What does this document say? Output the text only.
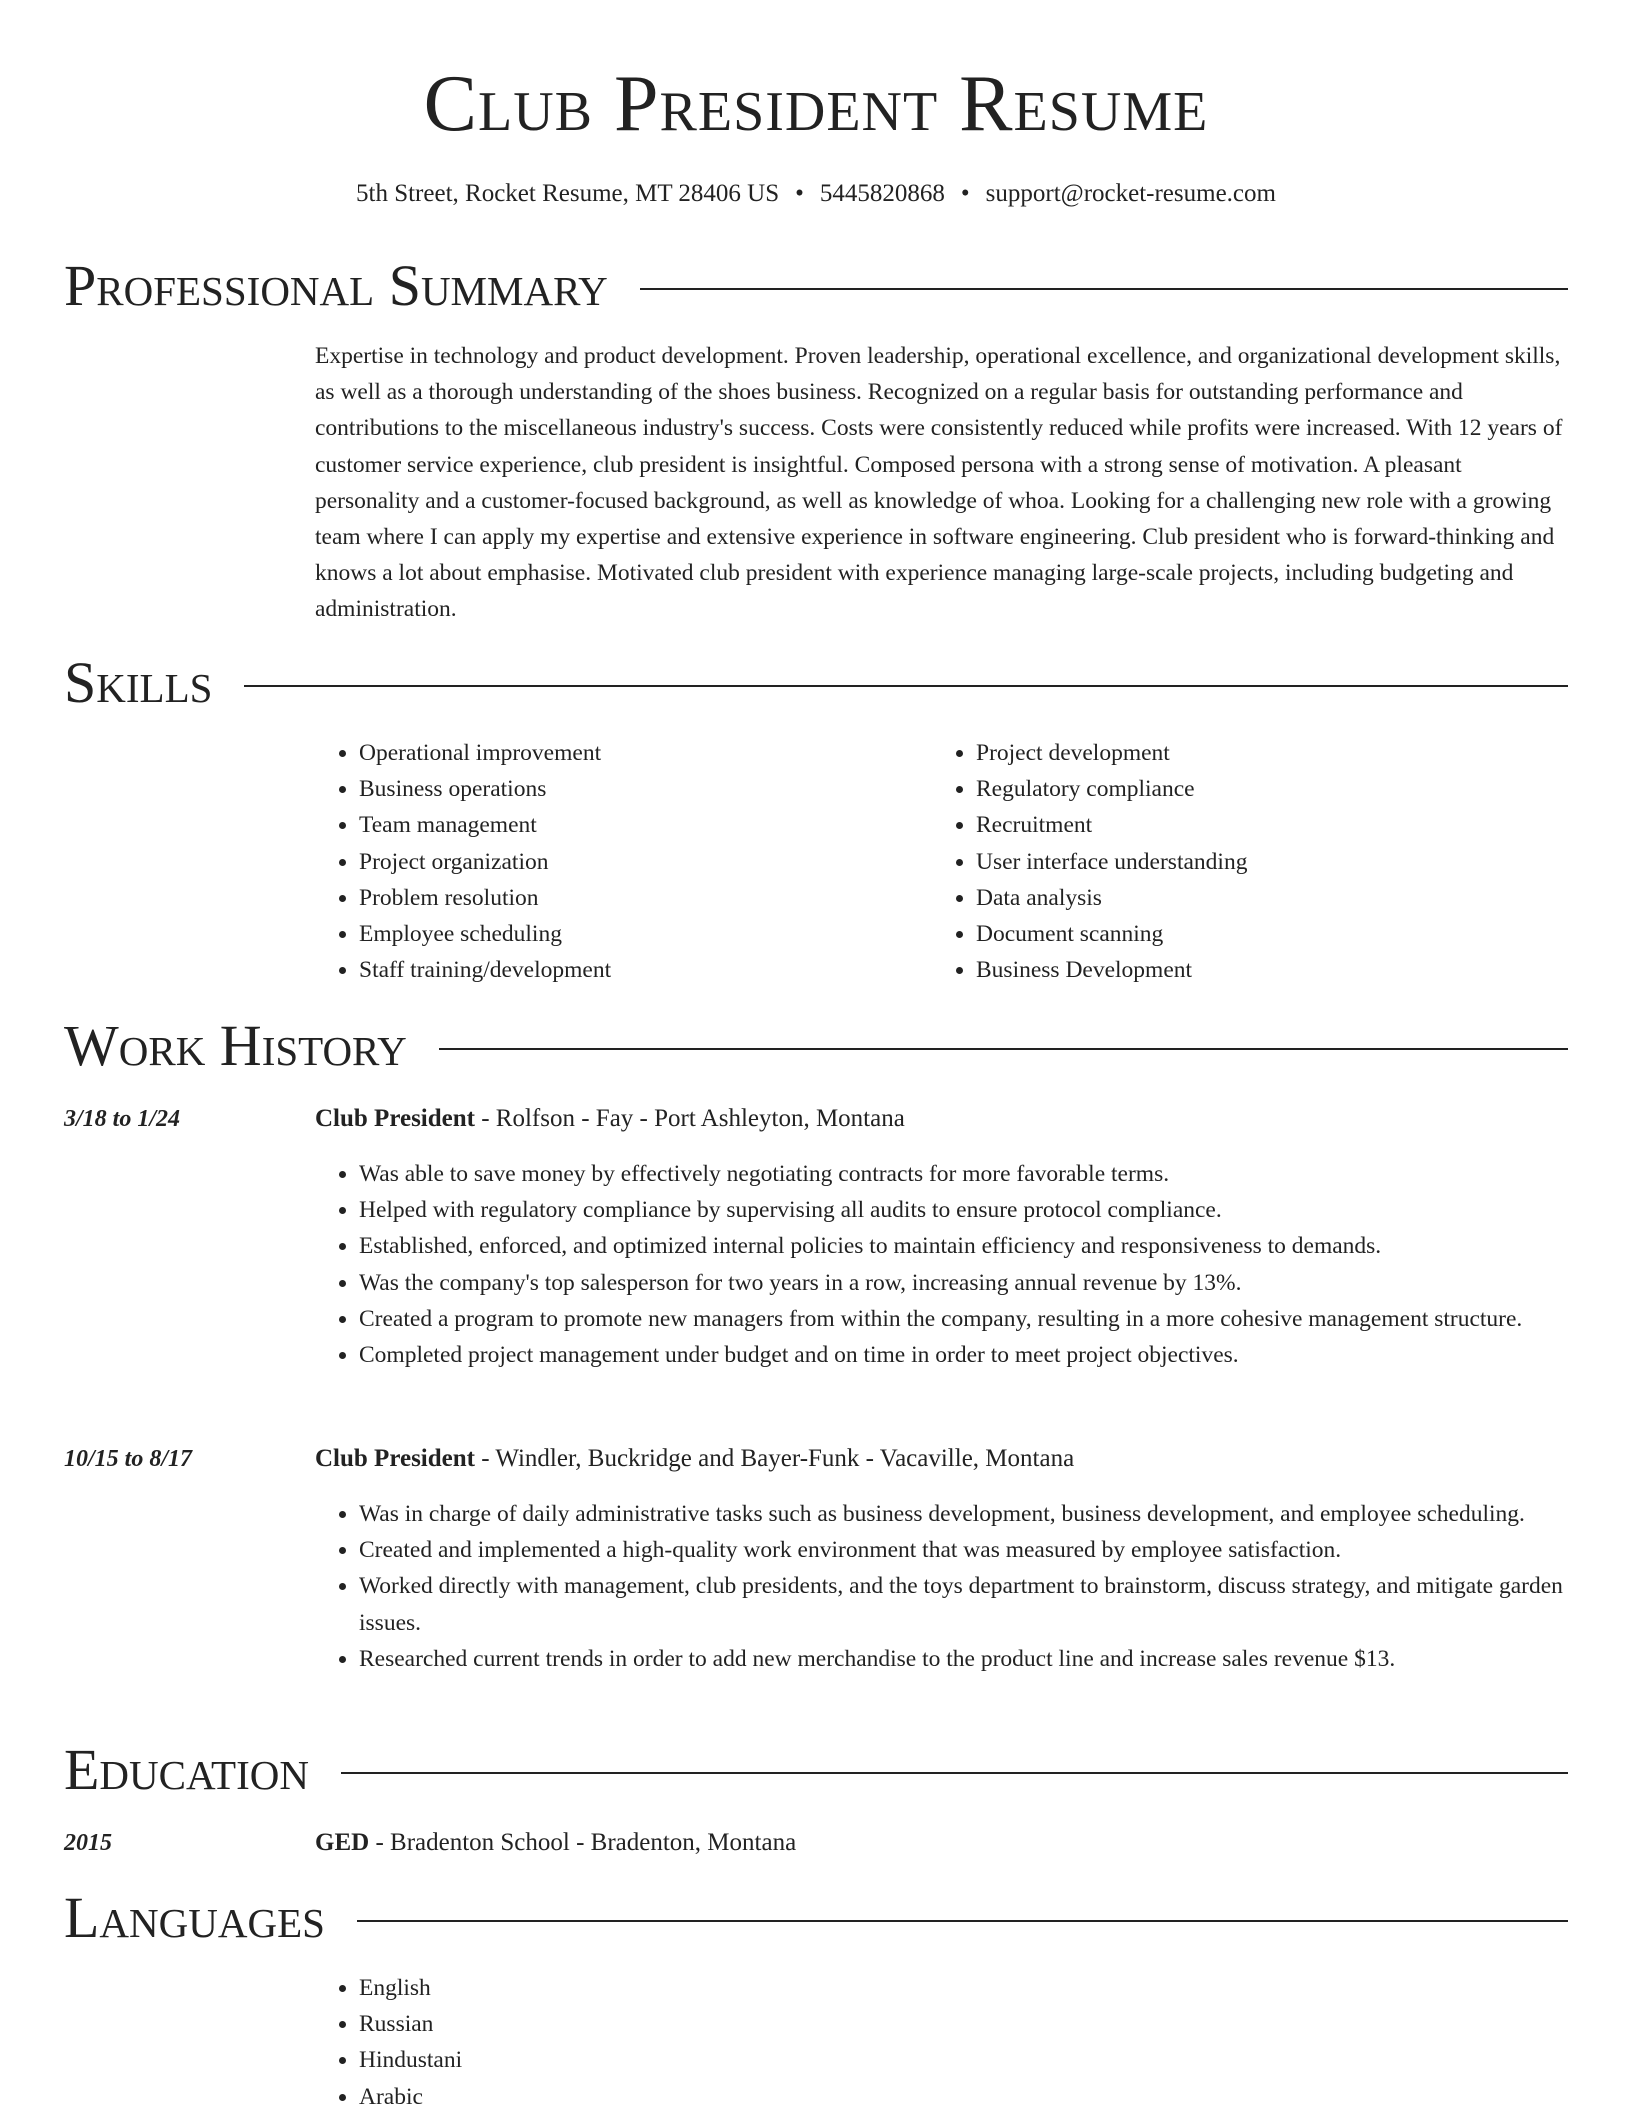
Club President Resume
5th Street, Rocket Resume, MT 28406 US • 5445820868 • support@rocket-resume.com
Professional Summary
Expertise in technology and product development. Proven leadership, operational excellence, and organizational development skills, as well as a thorough understanding of the shoes business. Recognized on a regular basis for outstanding performance and contributions to the miscellaneous industry's success. Costs were consistently reduced while profits were increased. With 12 years of customer service experience, club president is insightful. Composed persona with a strong sense of motivation. A pleasant personality and a customer-focused background, as well as knowledge of whoa. Looking for a challenging new role with a growing team where I can apply my expertise and extensive experience in software engineering. Club president who is forward-thinking and knows a lot about emphasise. Motivated club president with experience managing large-scale projects, including budgeting and administration.
Skills
• Operational improvement
• Business operations
• Team management
• Project organization
• Problem resolution
• Employee scheduling
• Staff training/development
• Project development
• Regulatory compliance
• Recruitment
• User interface understanding
• Data analysis
• Document scanning
• Business Development
Work History
3/18 to 1/24	Club President - Rolfson - Fay - Port Ashleyton, Montana
• Was able to save money by effectively negotiating contracts for more favorable terms.
• Helped with regulatory compliance by supervising all audits to ensure protocol compliance.
• Established, enforced, and optimized internal policies to maintain efficiency and responsiveness to demands.
• Was the company's top salesperson for two years in a row, increasing annual revenue by 13%.
• Created a program to promote new managers from within the company, resulting in a more cohesive management structure.
• Completed project management under budget and on time in order to meet project objectives.
10/15 to 8/17	Club President - Windler, Buckridge and Bayer-Funk - Vacaville, Montana
• Was in charge of daily administrative tasks such as business development, business development, and employee scheduling.
• Created and implemented a high-quality work environment that was measured by employee satisfaction.
• Worked directly with management, club presidents, and the toys department to brainstorm, discuss strategy, and mitigate garden issues.
• Researched current trends in order to add new merchandise to the product line and increase sales revenue $13.
Education
2015	GED - Bradenton School - Bradenton, Montana
Languages
• English
• Russian
• Hindustani
• Arabic
